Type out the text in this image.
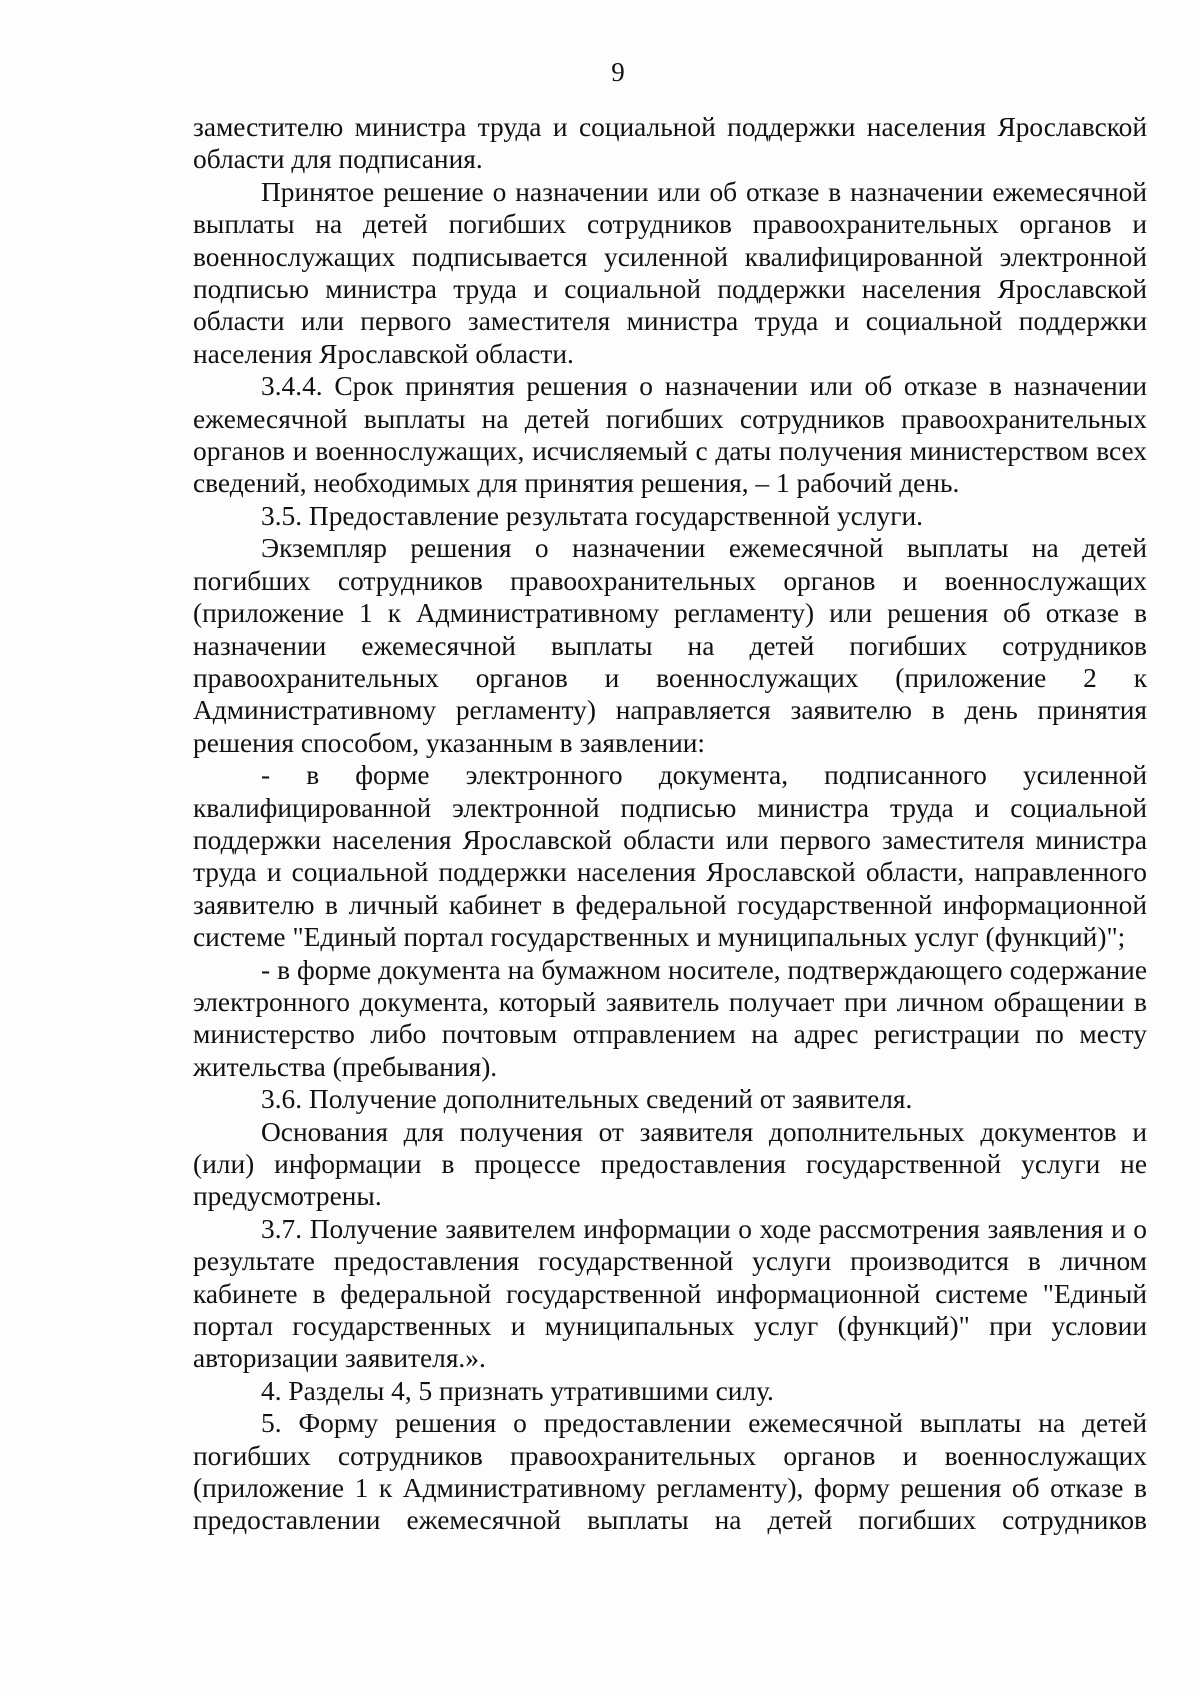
9

заместителю министра труда и социальной поддержки населения Ярославской области для подписания.

Принятое решение о назначении или об отказе в назначении ежемесячной выплаты на детей погибших сотрудников правоохранительных органов и военнослужащих подписывается усиленной квалифицированной электронной подписью министра труда и социальной поддержки населения Ярославской области или первого заместителя министра труда и социальной поддержки населения Ярославской области.

3.4.4. Срок принятия решения о назначении или об отказе в назначении ежемесячной выплаты на детей погибших сотрудников правоохранительных органов и военнослужащих, исчисляемый с даты получения министерством всех сведений, необходимых для принятия решения, – 1 рабочий день.

3.5. Предоставление результата государственной услуги.

Экземпляр решения о назначении ежемесячной выплаты на детей погибших сотрудников правоохранительных органов и военнослужащих (приложение 1 к Административному регламенту) или решения об отказе в назначении ежемесячной выплаты на детей погибших сотрудников правоохранительных органов и военнослужащих (приложение 2 к Административному регламенту) направляется заявителю в день принятия решения способом, указанным в заявлении:

- в форме электронного документа, подписанного усиленной квалифицированной электронной подписью министра труда и социальной поддержки населения Ярославской области или первого заместителя министра труда и социальной поддержки населения Ярославской области, направленного заявителю в личный кабинет в федеральной государственной информационной системе "Единый портал государственных и муниципальных услуг (функций)";

- в форме документа на бумажном носителе, подтверждающего содержание электронного документа, который заявитель получает при личном обращении в министерство либо почтовым отправлением на адрес регистрации по месту жительства (пребывания).

3.6. Получение дополнительных сведений от заявителя.

Основания для получения от заявителя дополнительных документов и (или) информации в процессе предоставления государственной услуги не предусмотрены.

3.7. Получение заявителем информации о ходе рассмотрения заявления и о результате предоставления государственной услуги производится в личном кабинете в федеральной государственной информационной системе "Единый портал государственных и муниципальных услуг (функций)" при условии авторизации заявителя.».

4. Разделы 4, 5 признать утратившими силу.

5. Форму решения о предоставлении ежемесячной выплаты на детей погибших сотрудников правоохранительных органов и военнослужащих (приложение 1 к Административному регламенту), форму решения об отказе в предоставлении ежемесячной выплаты на детей погибших сотрудников
